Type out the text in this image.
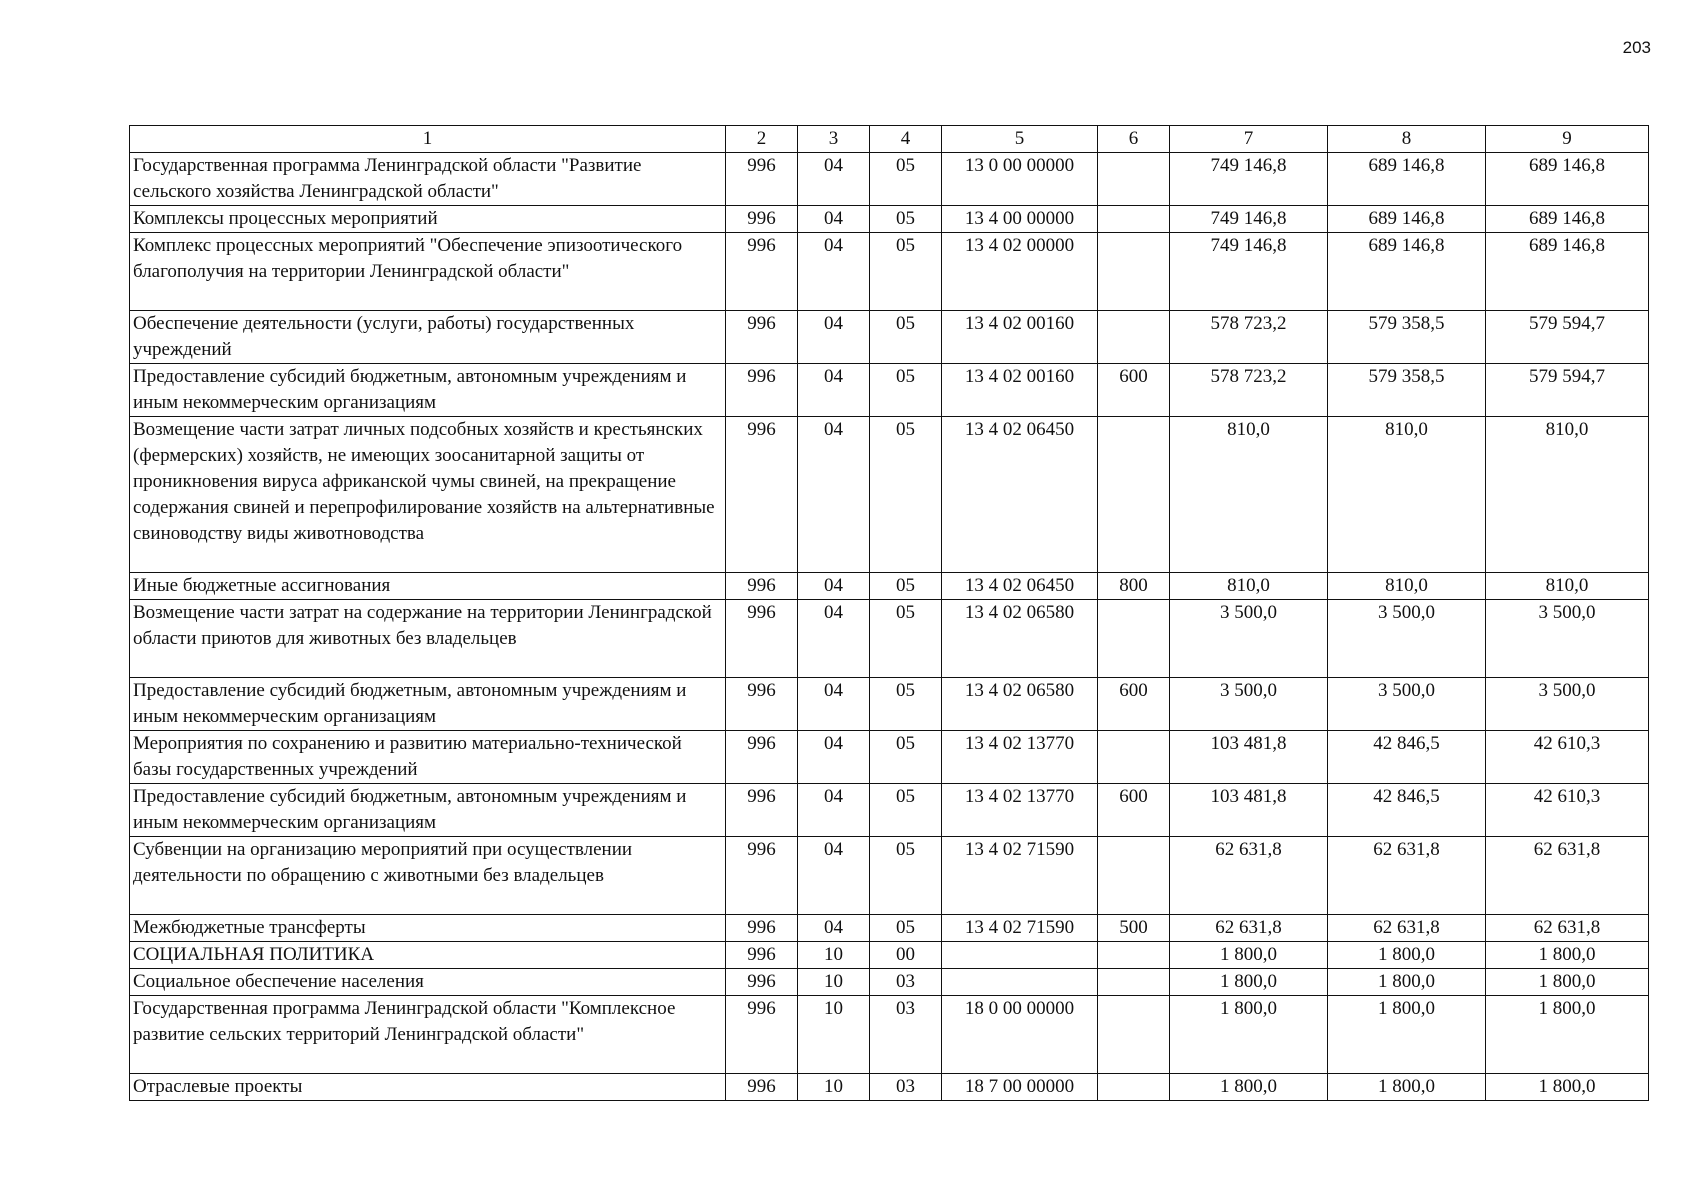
203
1	2	3	4	5	6	7	8	9
Государственная программа Ленинградской области "Развитие сельского хозяйства Ленинградской области"	996	04	05	13 0 00 00000		749 146,8	689 146,8	689 146,8
Комплексы процессных мероприятий	996	04	05	13 4 00 00000		749 146,8	689 146,8	689 146,8
Комплекс процессных мероприятий "Обеспечение эпизоотического благополучия на территории Ленинградской области"	996	04	05	13 4 02 00000		749 146,8	689 146,8	689 146,8
Обеспечение деятельности (услуги, работы) государственных учреждений	996	04	05	13 4 02 00160		578 723,2	579 358,5	579 594,7
Предоставление субсидий бюджетным, автономным учреждениям и иным некоммерческим организациям	996	04	05	13 4 02 00160	600	578 723,2	579 358,5	579 594,7
Возмещение части затрат личных подсобных хозяйств и крестьянских (фермерских) хозяйств, не имеющих зоосанитарной защиты от проникновения вируса африканской чумы свиней, на прекращение содержания свиней и перепрофилирование хозяйств на альтернативные свиноводству виды животноводства	996	04	05	13 4 02 06450		810,0	810,0	810,0
Иные бюджетные ассигнования	996	04	05	13 4 02 06450	800	810,0	810,0	810,0
Возмещение части затрат на содержание на территории Ленинградской области приютов для животных без владельцев	996	04	05	13 4 02 06580		3 500,0	3 500,0	3 500,0
Предоставление субсидий бюджетным, автономным учреждениям и иным некоммерческим организациям	996	04	05	13 4 02 06580	600	3 500,0	3 500,0	3 500,0
Мероприятия по сохранению и развитию материально-технической базы государственных учреждений	996	04	05	13 4 02 13770		103 481,8	42 846,5	42 610,3
Предоставление субсидий бюджетным, автономным учреждениям и иным некоммерческим организациям	996	04	05	13 4 02 13770	600	103 481,8	42 846,5	42 610,3
Субвенции на организацию мероприятий при осуществлении деятельности по обращению с животными без владельцев	996	04	05	13 4 02 71590		62 631,8	62 631,8	62 631,8
Межбюджетные трансферты	996	04	05	13 4 02 71590	500	62 631,8	62 631,8	62 631,8
СОЦИАЛЬНАЯ ПОЛИТИКА	996	10	00			1 800,0	1 800,0	1 800,0
Социальное обеспечение населения	996	10	03			1 800,0	1 800,0	1 800,0
Государственная программа Ленинградской области "Комплексное развитие сельских территорий Ленинградской области"	996	10	03	18 0 00 00000		1 800,0	1 800,0	1 800,0
Отраслевые проекты	996	10	03	18 7 00 00000		1 800,0	1 800,0	1 800,0
